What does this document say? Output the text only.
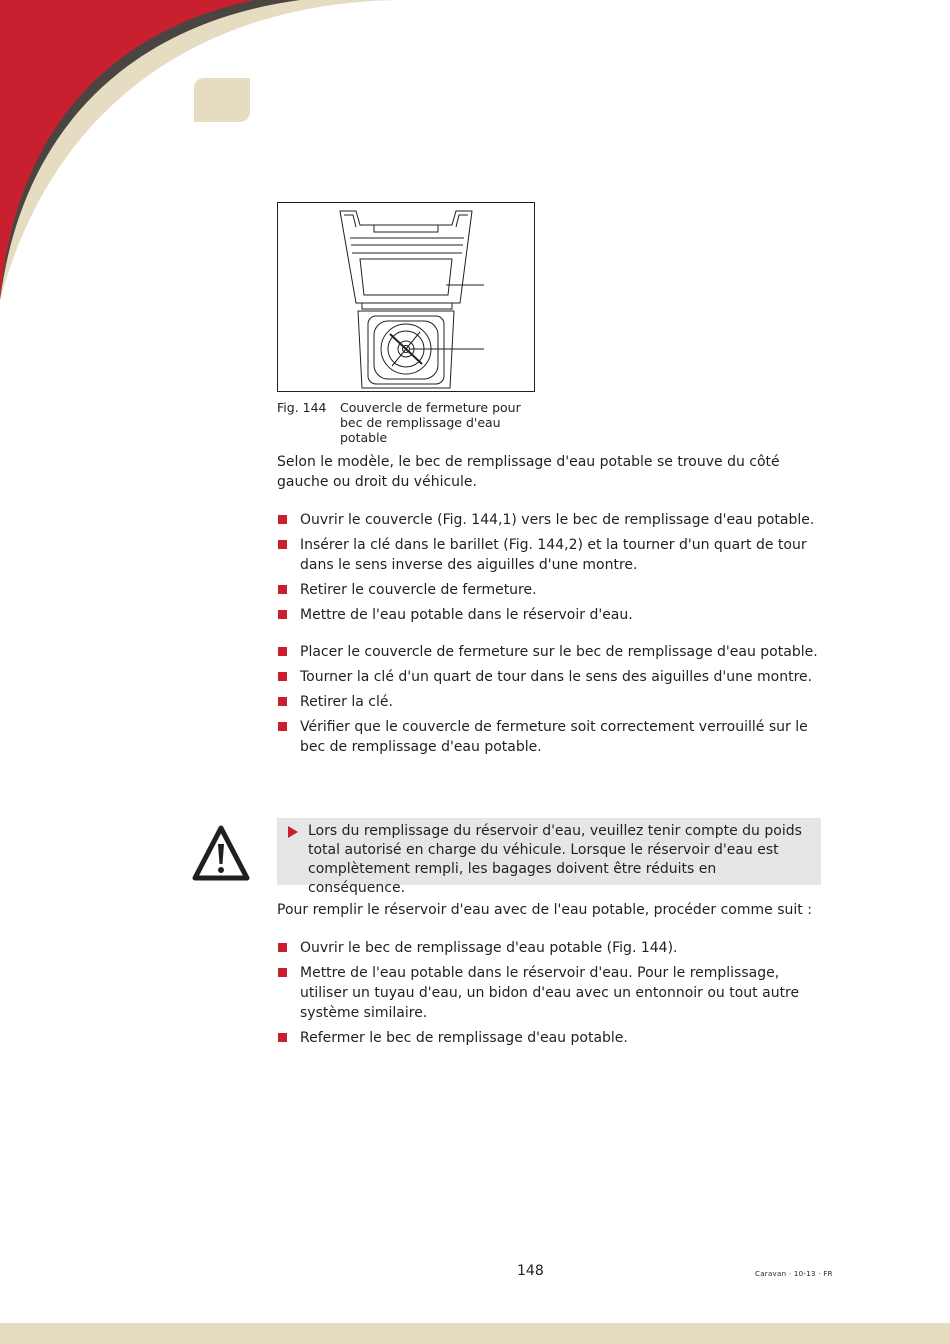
Fig. 144 Couvercle de fermeture pour bec de remplissage d'eau potable
Selon le modèle, le bec de remplissage d'eau potable se trouve du côté gauche ou droit du véhicule.
Ouvrir le couvercle (Fig. 144,1) vers le bec de remplissage d'eau potable.
Insérer la clé dans le barillet (Fig. 144,2) et la tourner d'un quart de tour dans le sens inverse des aiguilles d'une montre.
Retirer le couvercle de fermeture.
Mettre de l'eau potable dans le réservoir d'eau.
Placer le couvercle de fermeture sur le bec de remplissage d'eau potable.
Tourner la clé d'un quart de tour dans le sens des aiguilles d'une montre.
Retirer la clé.
Vérifier que le couvercle de fermeture soit correctement verrouillé sur le bec de remplissage d'eau potable.
Lors du remplissage du réservoir d'eau, veuillez tenir compte du poids total autorisé en charge du véhicule. Lorsque le réservoir d'eau est complètement rempli, les bagages doivent être réduits en conséquence.
Pour remplir le réservoir d'eau avec de l'eau potable, procéder comme suit :
Ouvrir le bec de remplissage d'eau potable (Fig. 144).
Mettre de l'eau potable dans le réservoir d'eau. Pour le remplissage, utiliser un tuyau d'eau, un bidon d'eau avec un entonnoir ou tout autre système similaire.
Refermer le bec de remplissage d'eau potable.
148	Caravan · 10-13 · FR
